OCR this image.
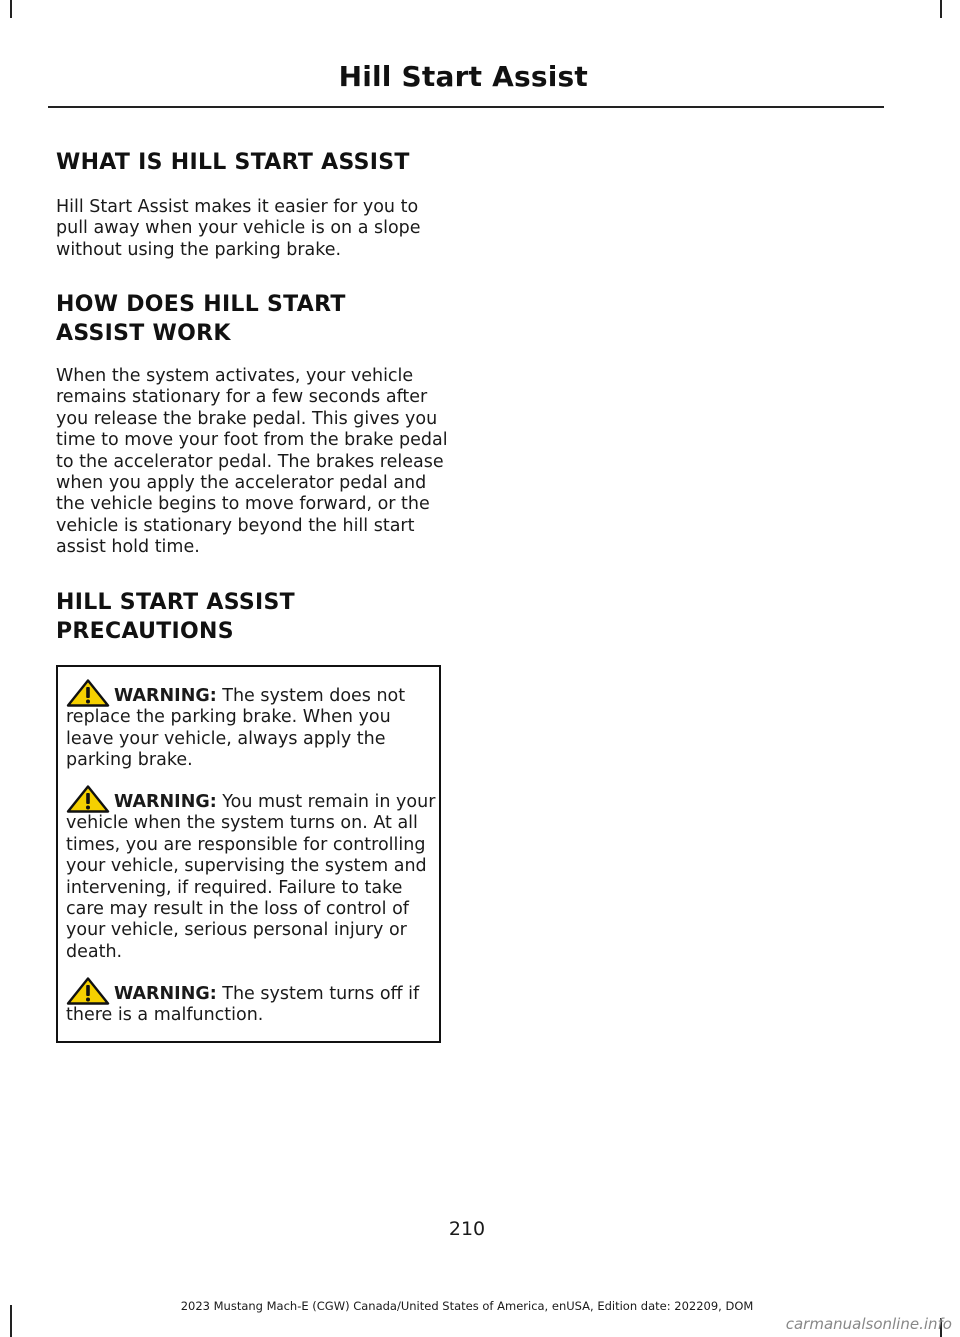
Hill Start Assist
WHAT IS HILL START ASSIST

Hill Start Assist makes it easier for you to pull away when your vehicle is on a slope without using the parking brake.

HOW DOES HILL START
ASSIST WORK

When the system activates, your vehicle remains stationary for a few seconds after you release the brake pedal. This gives you time to move your foot from the brake pedal to the accelerator pedal. The brakes release when you apply the accelerator pedal and the vehicle begins to move forward, or the vehicle is stationary beyond the hill start assist hold time.

HILL START ASSIST
PRECAUTIONS
WARNING: The system does not replace the parking brake. When you leave your vehicle, always apply the parking brake.
WARNING: You must remain in your vehicle when the system turns on. At all times, you are responsible for controlling your vehicle, supervising the system and intervening, if required. Failure to take care may result in the loss of control of your vehicle, serious personal injury or death.
WARNING: The system turns off if there is a malfunction.
210
2023 Mustang Mach-E (CGW) Canada/United States of America, enUSA, Edition date: 202209, DOM
carmanualsonline.info
